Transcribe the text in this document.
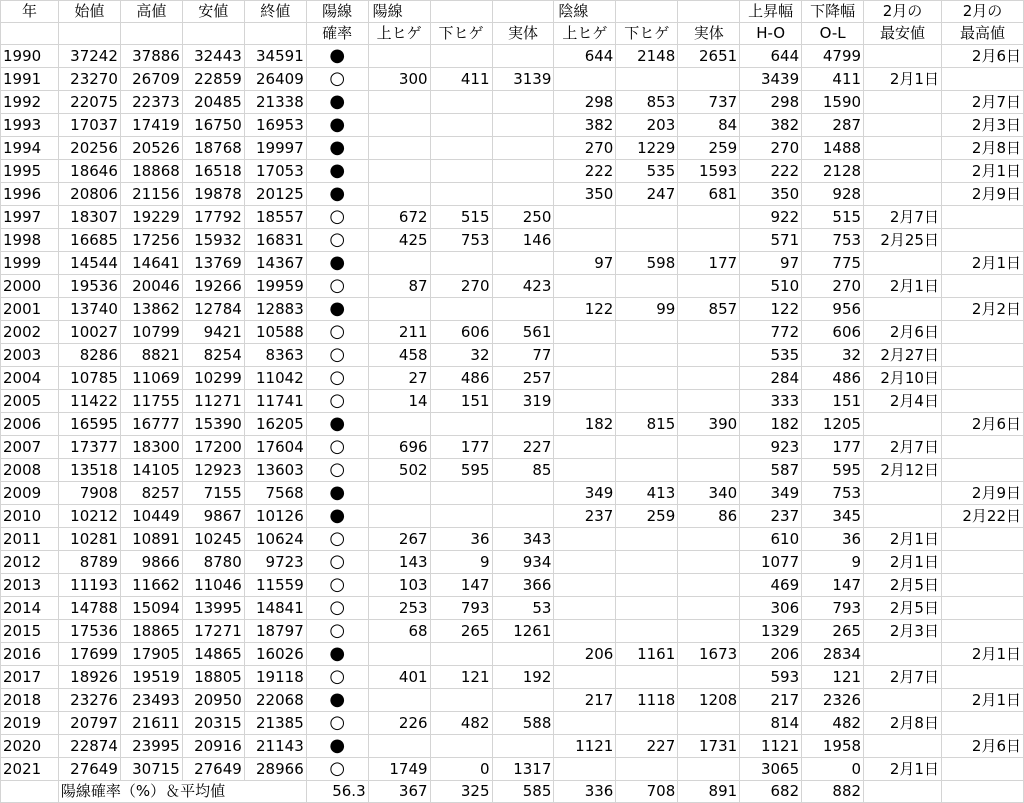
年	始値	高値	安値	終値	陽線	陽線			陰線			上昇幅	下降幅	2月の	2月の
					確率	上ヒゲ	下ヒゲ	実体	上ヒゲ	下ヒゲ	実体	H-O	O-L	最安値	最高値
1990	37242	37886	32443	34591	●				644	2148	2651	644	4799		2月6日
1991	23270	26709	22859	26409	○	300	411	3139				3439	411	2月1日	
1992	22075	22373	20485	21338	●				298	853	737	298	1590		2月7日
1993	17037	17419	16750	16953	●				382	203	84	382	287		2月3日
1994	20256	20526	18768	19997	●				270	1229	259	270	1488		2月8日
1995	18646	18868	16518	17053	●				222	535	1593	222	2128		2月1日
1996	20806	21156	19878	20125	●				350	247	681	350	928		2月9日
1997	18307	19229	17792	18557	○	672	515	250				922	515	2月7日	
1998	16685	17256	15932	16831	○	425	753	146				571	753	2月25日	
1999	14544	14641	13769	14367	●				97	598	177	97	775		2月1日
2000	19536	20046	19266	19959	○	87	270	423				510	270	2月1日	
2001	13740	13862	12784	12883	●				122	99	857	122	956		2月2日
2002	10027	10799	9421	10588	○	211	606	561				772	606	2月6日	
2003	8286	8821	8254	8363	○	458	32	77				535	32	2月27日	
2004	10785	11069	10299	11042	○	27	486	257				284	486	2月10日	
2005	11422	11755	11271	11741	○	14	151	319				333	151	2月4日	
2006	16595	16777	15390	16205	●				182	815	390	182	1205		2月6日
2007	17377	18300	17200	17604	○	696	177	227				923	177	2月7日	
2008	13518	14105	12923	13603	○	502	595	85				587	595	2月12日	
2009	7908	8257	7155	7568	●				349	413	340	349	753		2月9日
2010	10212	10449	9867	10126	●				237	259	86	237	345		2月22日
2011	10281	10891	10245	10624	○	267	36	343				610	36	2月1日	
2012	8789	9866	8780	9723	○	143	9	934				1077	9	2月1日	
2013	11193	11662	11046	11559	○	103	147	366				469	147	2月5日	
2014	14788	15094	13995	14841	○	253	793	53				306	793	2月5日	
2015	17536	18865	17271	18797	○	68	265	1261				1329	265	2月3日	
2016	17699	17905	14865	16026	●				206	1161	1673	206	2834		2月1日
2017	18926	19519	18805	19118	○	401	121	192				593	121	2月7日	
2018	23276	23493	20950	22068	●				217	1118	1208	217	2326		2月1日
2019	20797	21611	20315	21385	○	226	482	588				814	482	2月8日	
2020	22874	23995	20916	21143	●				1121	227	1731	1121	1958		2月6日
2021	27649	30715	27649	28966	○	1749	0	1317				3065	0	2月1日	
	陽線確率（%）＆平均値				56.3	367	325	585	336	708	891	682	882		
